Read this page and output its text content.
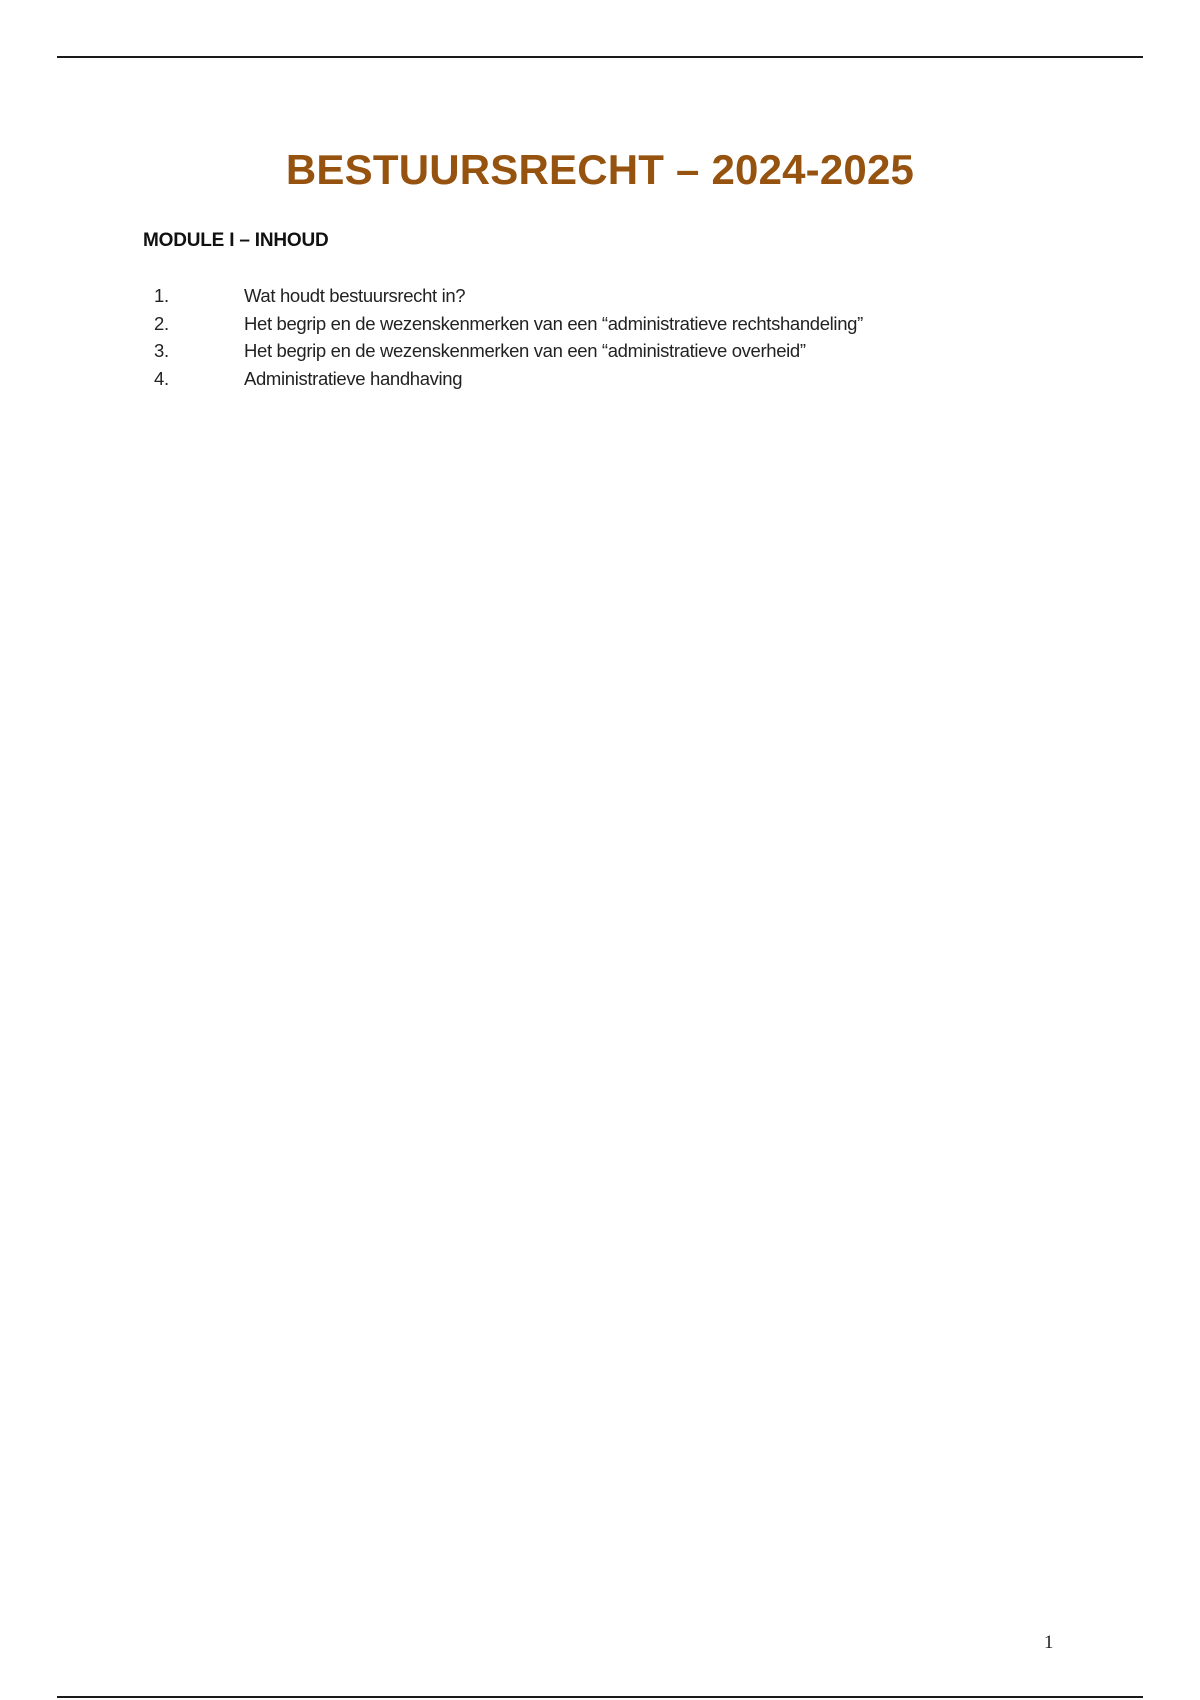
BESTUURSRECHT – 2024-2025
MODULE I – INHOUD
1.	Wat houdt bestuursrecht in?
2.	Het begrip en de wezenskenmerken van een “administratieve rechtshandeling”
3.	Het begrip en de wezenskenmerken van een “administratieve overheid”
4.	Administratieve handhaving
1
